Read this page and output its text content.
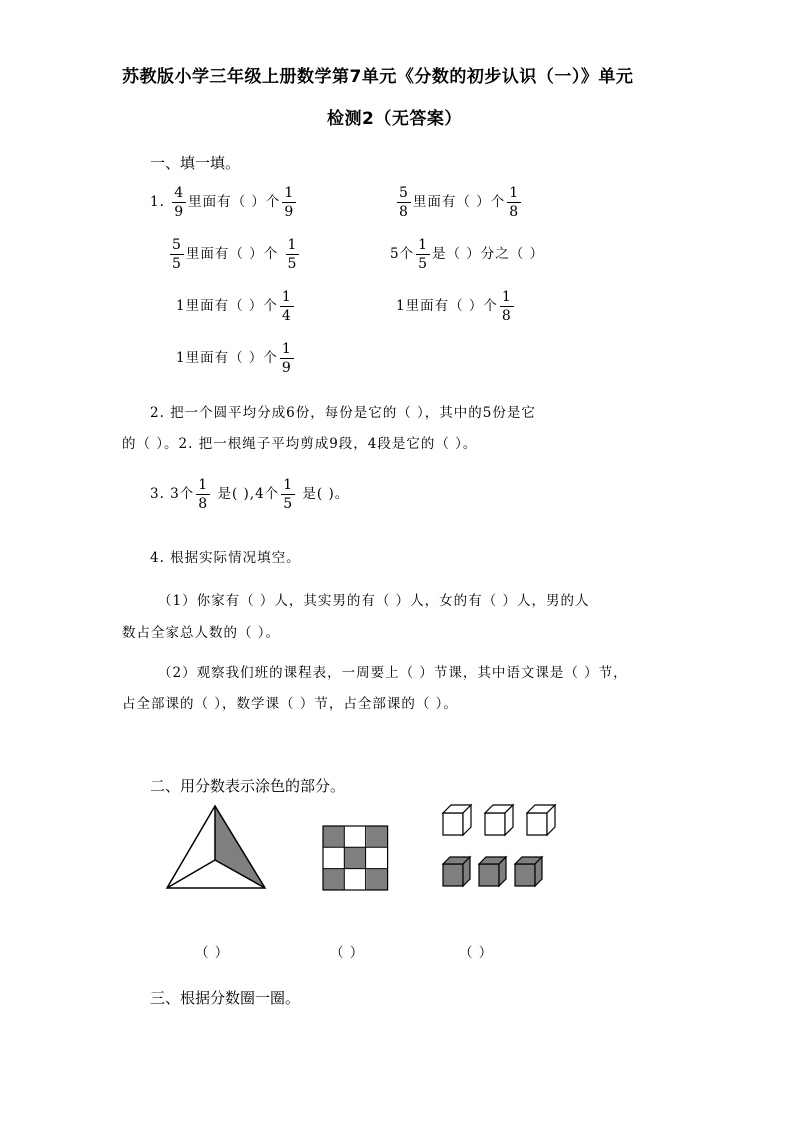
苏教版小学三年级上册数学第7单元《分数的初步认识（一）》单元
检测2（无答案）
一、填一填。
1. $\frac{4}{9}$ 里面有（ ）个 $\frac{1}{9}$	$\frac{5}{8}$ 里面有（ ）个 $\frac{1}{8}$
$\frac{5}{5}$ 里面有（ ）个 $\frac{1}{5}$	5个 $\frac{1}{5}$ 是（ ）分之（ ）
1里面有（ ）个 $\frac{1}{4}$	1里面有（ ）个 $\frac{1}{8}$
1里面有（ ）个 $\frac{1}{9}$
2. 把一个圆平均分成6份，每份是它的（ ），其中的5份是它
的（ ）。2. 把一根绳子平均剪成9段，4段是它的（ ）。
3. 3个 $\frac{1}{8}$ 是( ),4个 $\frac{1}{5}$ 是( )。
4. 根据实际情况填空。
（1）你家有（ ）人，其实男的有（ ）人，女的有（ ）人，男的人
数占全家总人数的（ ）。
（2）观察我们班的课程表，一周要上（ ）节课，其中语文课是（ ）节，
占全部课的（ ），数学课（ ）节，占全部课的（ ）。
二、用分数表示涂色的部分。
（ ）	（ ）	（ ）
三、根据分数圈一圈。
